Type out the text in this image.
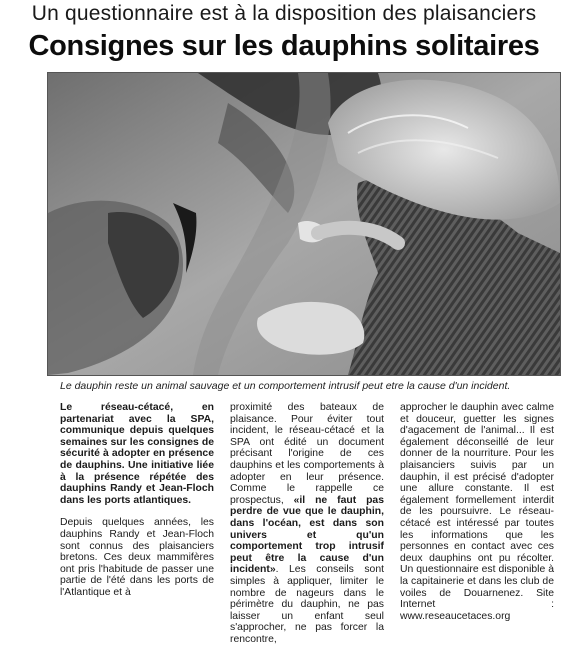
Un questionnaire est à la disposition des plaisanciers
Consignes sur les dauphins solitaires
Le dauphin reste un animal sauvage et un comportement intrusif peut etre la cause d'un incident.

Le réseau-cétacé, en partenariat avec la SPA, communique depuis quelques semaines sur les consignes de sécurité à adopter en présence de dauphins. Une initiative liée à la présence répétée des dauphins Randy et Jean-Floch dans les ports atlantiques.

Depuis quelques années, les dauphins Randy et Jean-Floch sont connus des plaisanciers bretons. Ces deux mammifères ont pris l'habitude de passer une partie de l'été dans les ports de l'Atlantique et à

proximité des bateaux de plaisance. Pour éviter tout incident, le réseau-cétacé et la SPA ont édité un document précisant l'origine de ces dauphins et les comportements à adopter en leur présence. Comme le rappelle ce prospectus, «il ne faut pas perdre de vue que le dauphin, dans l'océan, est dans son univers et qu'un comportement trop intrusif peut être la cause d'un incident». Les conseils sont simples à appliquer, limiter le nombre de nageurs dans le périmètre du dauphin, ne pas laisser un enfant seul s'approcher, ne pas forcer la rencontre,

approcher le dauphin avec calme et douceur, guetter les signes d'agacement de l'animal... Il est également déconseillé de leur donner de la nourriture. Pour les plaisanciers suivis par un dauphin, il est précisé d'adopter une allure constante. Il est également formellement interdit de les poursuivre. Le réseau-cétacé est intéressé par toutes les informations que les personnes en contact avec ces deux dauphins ont pu récolter. Un questionnaire est disponible à la capitainerie et dans les club de voiles de Douarnenez. Site Internet : www.reseaucetaces.org
